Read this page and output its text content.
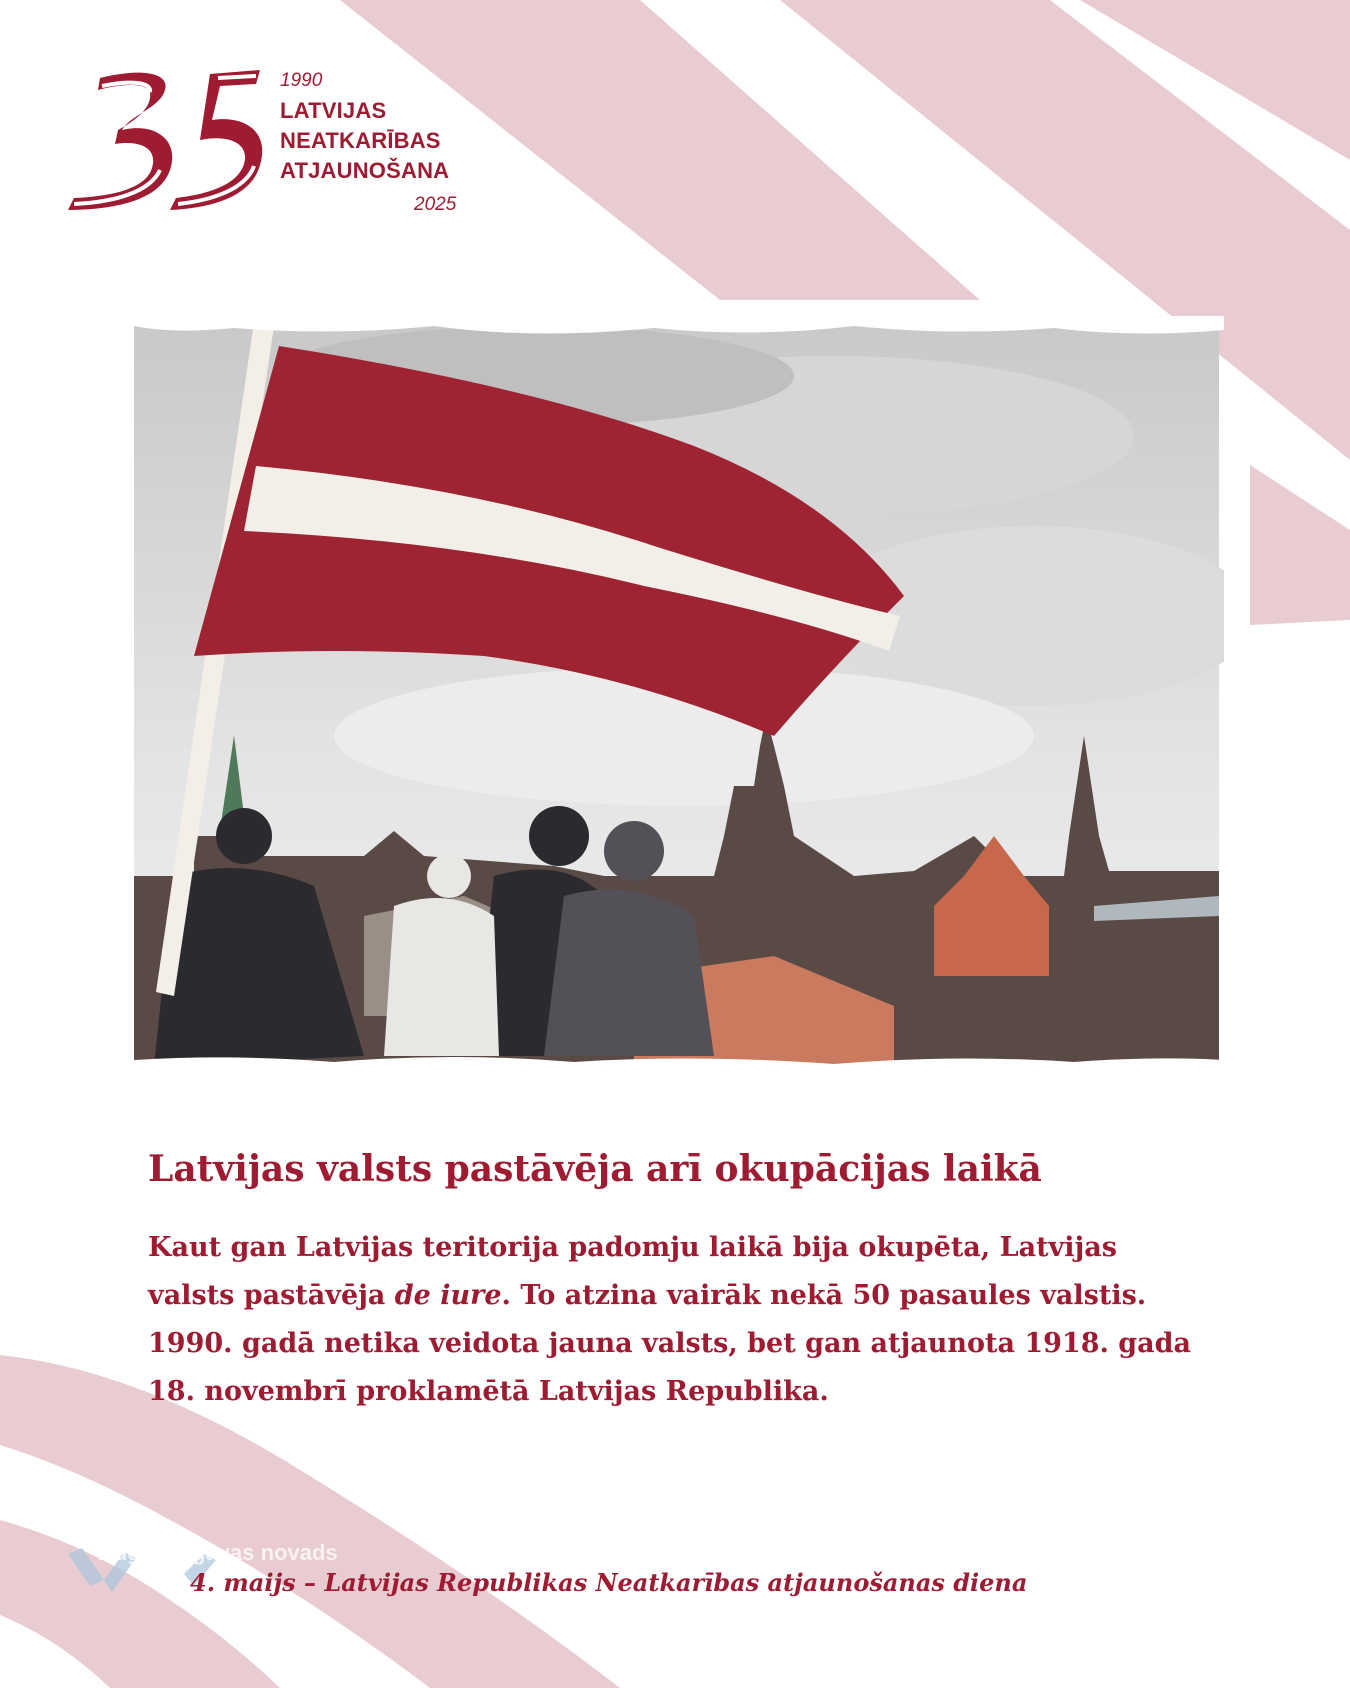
1990
LATVIJAS
NEATKARĪBAS
ATJAUNOŠANA
2025
Latvijas valsts pastāvēja arī okupācijas laikā
Kaut gan Latvijas teritorija padomju laikā bija okupēta, Latvijas valsts pastāvēja de iure. To atzina vairāk nekā 50 pasaules valstis. 1990. gadā netika veidota jauna valsts, bet gan atjaunota 1918. gada 18. novembrī proklamētā Latvijas Republika.
Augšdaugavas novads
4. maijs – Latvijas Republikas Neatkarības atjaunošanas diena
